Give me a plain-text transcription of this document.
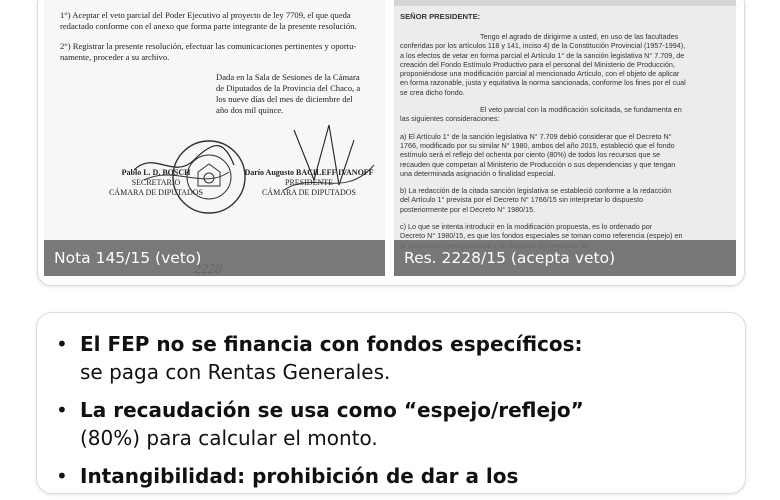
1°) Aceptar el veto parcial del Poder Ejecutivo al proyecto de ley 7709, el que queda
redactado conforme con el anexo que forma parte integrante de la presente resolución.
2°) Registrar la presente resolución, efectuar las comunicaciones pertinentes y oportu-
namente, proceder a su archivo.
Dada en la Sala de Sesiones de la Cámara
de Diputados de la Provincia del Chaco, a
los nueve días del mes de diciembre del
año dos mil quince.
Pablo L. D. BOSCH
SECRETARIO
CÁMARA DE DIPUTADOS
Darío Augusto BACILEFF IVANOFF
PRESIDENTE
CÁMARA DE DIPUTADOS
Nota 145/15 (veto)
SEÑOR PRESIDENTE:
Tengo el agrado de dirigirme a usted, en uso de las facultades
conferidas por los artículos 118 y 141, inciso 4) de la Constitución Provincial (1957-1994),
a los efectos de vetar en forma parcial el Artículo 1° de la sanción legislativa N° 7.709, de
creación del Fondo Estímulo Productivo para el personal del Ministerio de Producción,
proponiéndose una modificación parcial al mencionado Artículo, con el objeto de aplicar
en forma razonable, justa y equitativa la norma sancionada, conforme los fines por el cual
se crea dicho fondo.
El veto parcial con la modificación solicitada, se fundamenta en
las siguientes consideraciones:
a) El Artículo 1° de la sanción legislativa N° 7.709 debió considerar que el Decreto N°
1766, modificado por su similar N° 1980, ambos del año 2015, estableció que el fondo
estímulo será el reflejo del ochenta por ciento (80%) de todos los recursos que se
recauden que competan al Ministerio de Producción o sus dependencias y que tengan
una determinada asignación o finalidad especial.
b) La redacción de la citada sanción legislativa se estableció conforme a la redacción
del Artículo 1° prevista por el Decreto N° 1766/15 sin interpretar lo dispuesto
posteriormente por el Decreto N° 1980/15.
c) Lo que se intenta introducir en la modificación propuesta, es lo ordenado por
Decreto N° 1980/15, es que los fondos especiales se toman como referencia (espejo) en
Res. 2228/15 (acepta veto)
• El FEP no se financia con fondos específicos:
se paga con Rentas Generales.
• La recaudación se usa como “espejo/reflejo”
(80%) para calcular el monto.
• Intangibilidad: prohibición de dar a los
